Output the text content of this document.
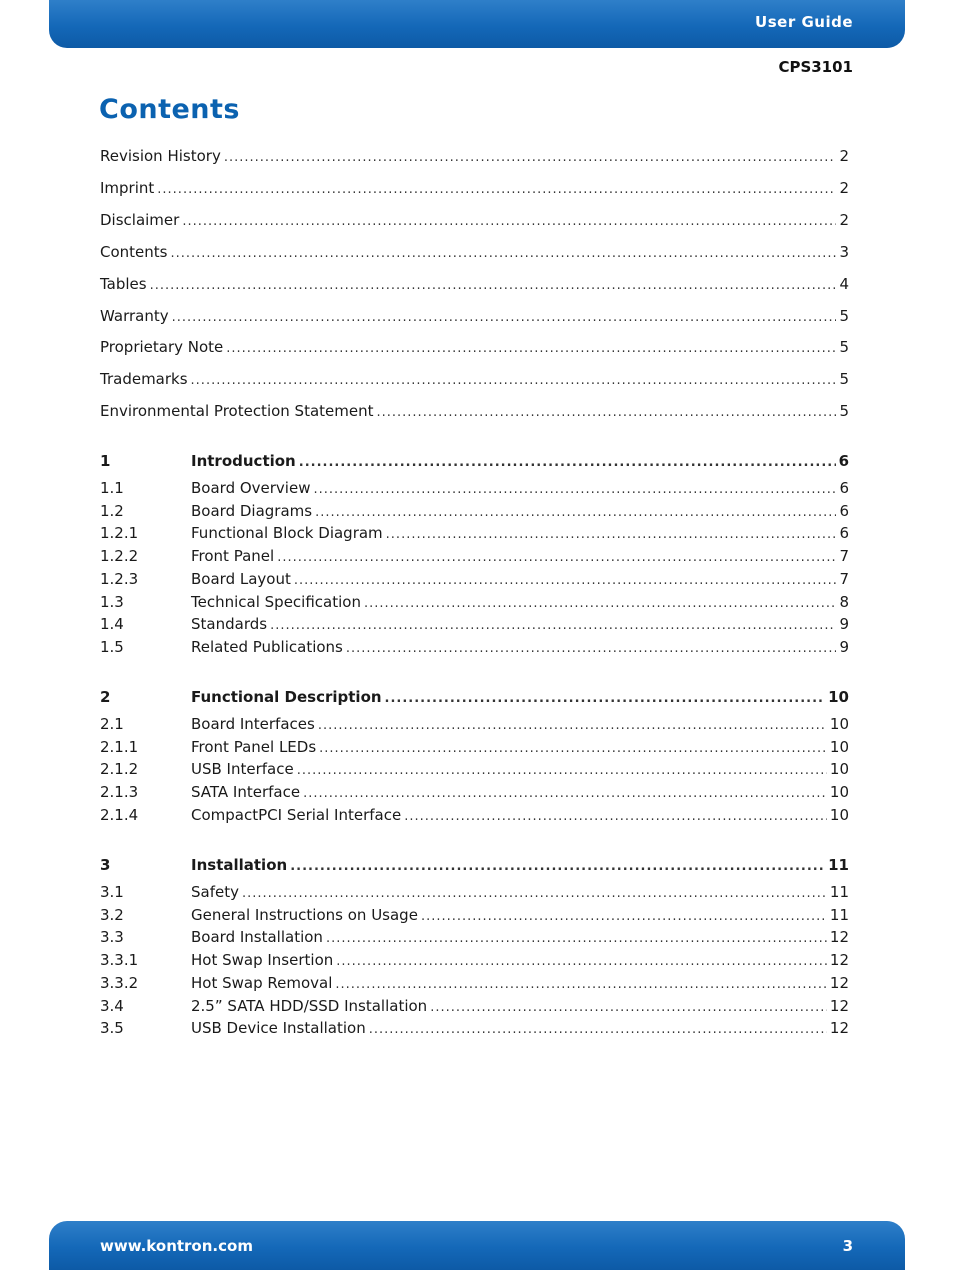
User Guide
CPS3101
Contents
Revision History .....	2
Imprint .....	2
Disclaimer .....	2
Contents .....	3
Tables .....	4
Warranty .....	5
Proprietary Note .....	5
Trademarks .....	5
Environmental Protection Statement .....	5
1	Introduction .....	6
1.1	Board Overview .....	6
1.2	Board Diagrams .....	6
1.2.1	Functional Block Diagram .....	6
1.2.2	Front Panel .....	7
1.2.3	Board Layout .....	7
1.3	Technical Specification .....	8
1.4	Standards .....	9
1.5	Related Publications .....	9
2	Functional Description .....	10
2.1	Board Interfaces .....	10
2.1.1	Front Panel LEDs .....	10
2.1.2	USB Interface .....	10
2.1.3	SATA Interface .....	10
2.1.4	CompactPCI Serial Interface .....	10
3	Installation .....	11
3.1	Safety .....	11
3.2	General Instructions on Usage .....	11
3.3	Board Installation .....	12
3.3.1	Hot Swap Insertion .....	12
3.3.2	Hot Swap Removal .....	12
3.4	2.5” SATA HDD/SSD Installation .....	12
3.5	USB Device Installation .....	12
www.kontron.com	3
